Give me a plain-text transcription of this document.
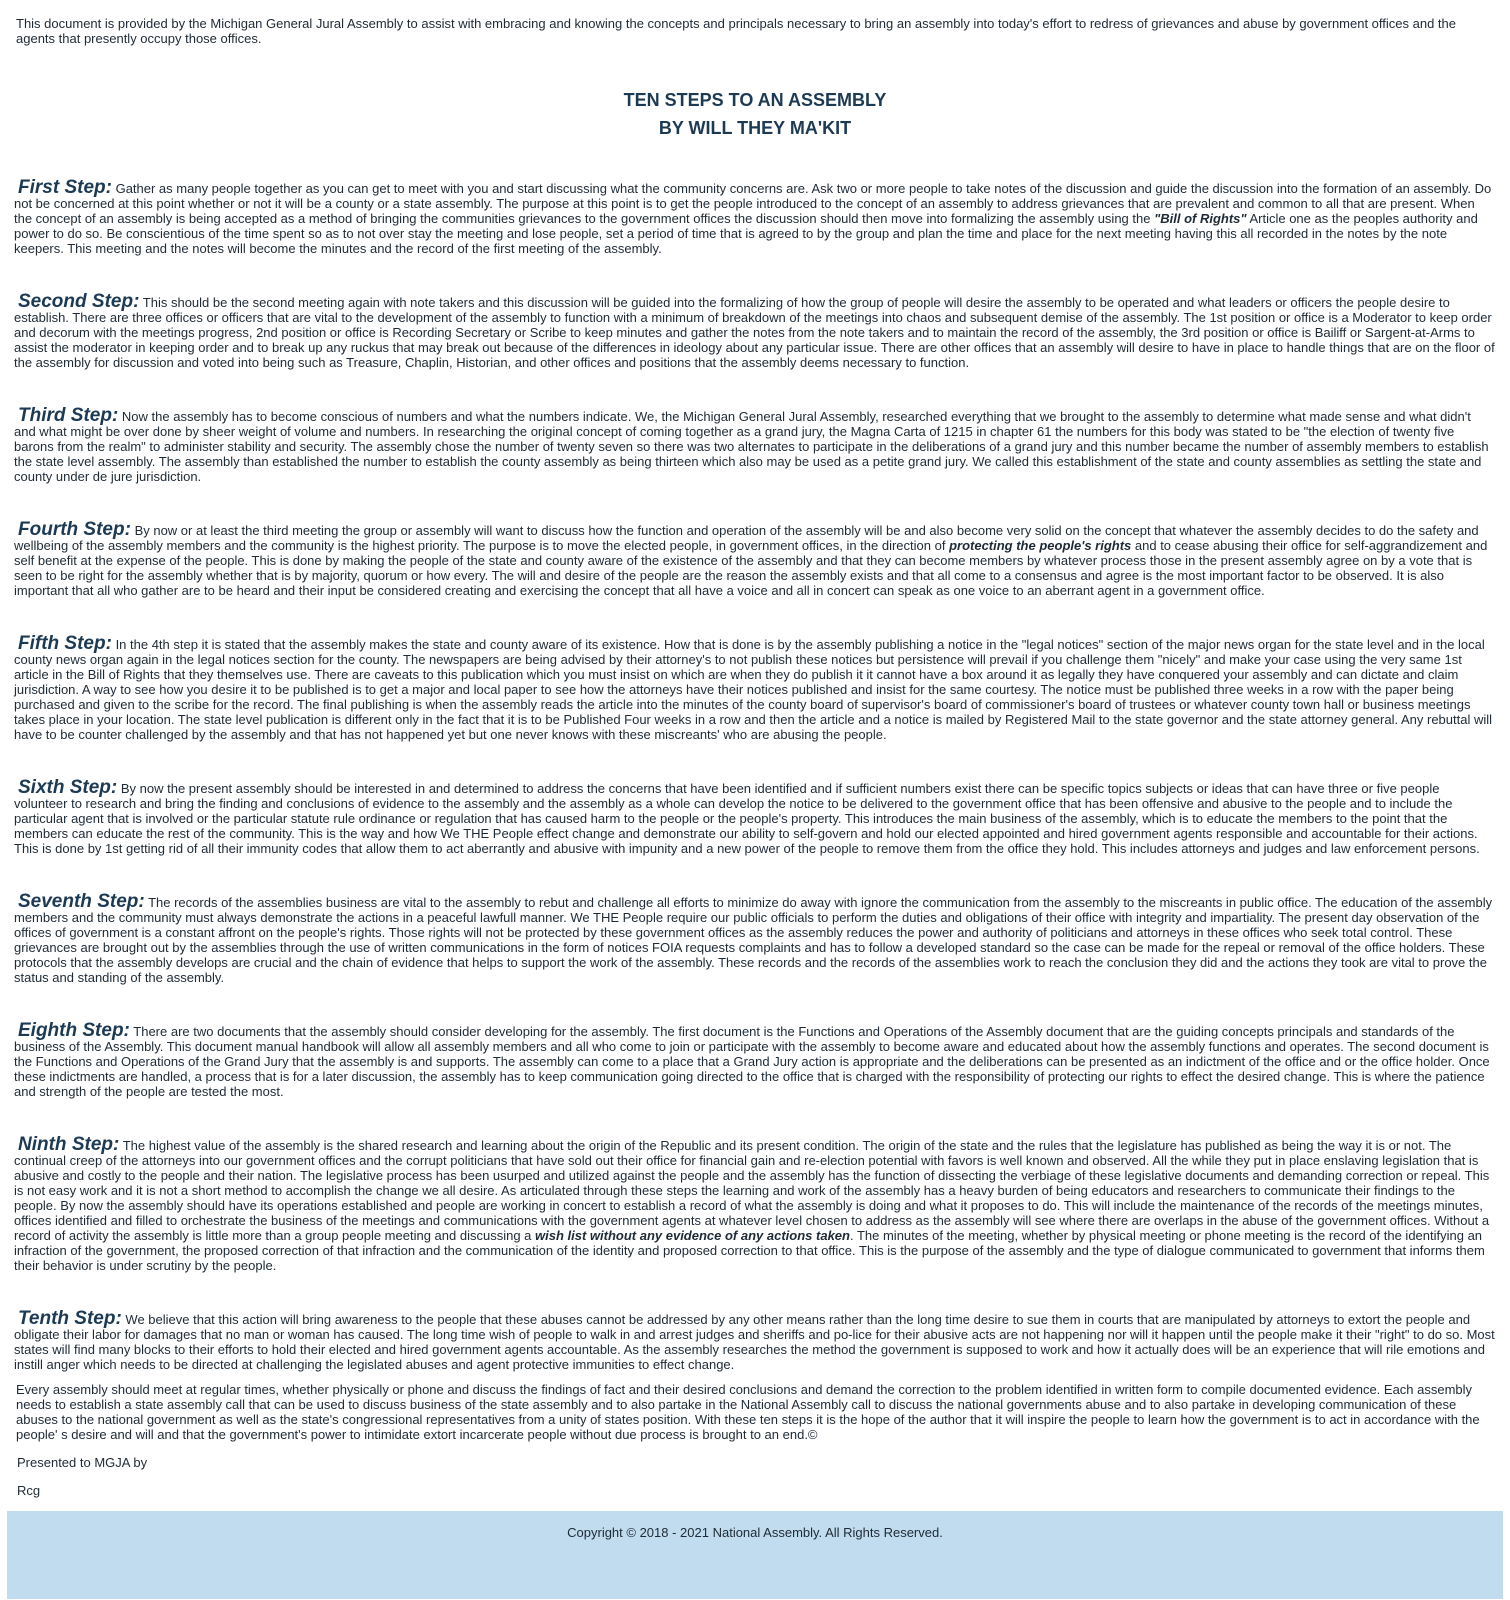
This document is provided by the Michigan General Jural Assembly to assist with embracing and knowing the concepts and principals necessary to bring an assembly into today's effort to redress of grievances and abuse by government offices and the agents that presently occupy those offices.

TEN STEPS TO AN ASSEMBLY
BY WILL THEY MA'KIT
First Step: Gather as many people together as you can get to meet with you and start discussing what the community concerns are. Ask two or more people to take notes of the discussion and guide the discussion into the formation of an assembly. Do not be concerned at this point whether or not it will be a county or a state assembly. The purpose at this point is to get the people introduced to the concept of an assembly to address grievances that are prevalent and common to all that are present. When the concept of an assembly is being accepted as a method of bringing the communities grievances to the government offices the discussion should then move into formalizing the assembly using the "Bill of Rights" Article one as the peoples authority and power to do so. Be conscientious of the time spent so as to not over stay the meeting and lose people, set a period of time that is agreed to by the group and plan the time and place for the next meeting having this all recorded in the notes by the note keepers. This meeting and the notes will become the minutes and the record of the first meeting of the assembly.
Second Step: This should be the second meeting again with note takers and this discussion will be guided into the formalizing of how the group of people will desire the assembly to be operated and what leaders or officers the people desire to establish. There are three offices or officers that are vital to the development of the assembly to function with a minimum of breakdown of the meetings into chaos and subsequent demise of the assembly. The 1st position or office is a Moderator to keep order and decorum with the meetings progress, 2nd position or office is Recording Secretary or Scribe to keep minutes and gather the notes from the note takers and to maintain the record of the assembly, the 3rd position or office is Bailiff or Sargent-at-Arms to assist the moderator in keeping order and to break up any ruckus that may break out because of the differences in ideology about any particular issue. There are other offices that an assembly will desire to have in place to handle things that are on the floor of the assembly for discussion and voted into being such as Treasure, Chaplin, Historian, and other offices and positions that the assembly deems necessary to function.
Third Step: Now the assembly has to become conscious of numbers and what the numbers indicate. We, the Michigan General Jural Assembly, researched everything that we brought to the assembly to determine what made sense and what didn't and what might be over done by sheer weight of volume and numbers. In researching the original concept of coming together as a grand jury, the Magna Carta of 1215 in chapter 61 the numbers for this body was stated to be "the election of twenty five barons from the realm" to administer stability and security. The assembly chose the number of twenty seven so there was two alternates to participate in the deliberations of a grand jury and this number became the number of assembly members to establish the state level assembly. The assembly than established the number to establish the county assembly as being thirteen which also may be used as a petite grand jury. We called this establishment of the state and county assemblies as settling the state and county under de jure jurisdiction.
Fourth Step: By now or at least the third meeting the group or assembly will want to discuss how the function and operation of the assembly will be and also become very solid on the concept that whatever the assembly decides to do the safety and wellbeing of the assembly members and the community is the highest priority. The purpose is to move the elected people, in government offices, in the direction of protecting the people's rights and to cease abusing their office for self-aggrandizement and self benefit at the expense of the people. This is done by making the people of the state and county aware of the existence of the assembly and that they can become members by whatever process those in the present assembly agree on by a vote that is seen to be right for the assembly whether that is by majority, quorum or how every. The will and desire of the people are the reason the assembly exists and that all come to a consensus and agree is the most important factor to be observed. It is also important that all who gather are to be heard and their input be considered creating and exercising the concept that all have a voice and all in concert can speak as one voice to an aberrant agent in a government office.
Fifth Step: In the 4th step it is stated that the assembly makes the state and county aware of its existence. How that is done is by the assembly publishing a notice in the "legal notices" section of the major news organ for the state level and in the local county news organ again in the legal notices section for the county. The newspapers are being advised by their attorney's to not publish these notices but persistence will prevail if you challenge them "nicely" and make your case using the very same 1st article in the Bill of Rights that they themselves use. There are caveats to this publication which you must insist on which are when they do publish it it cannot have a box around it as legally they have conquered your assembly and can dictate and claim jurisdiction. A way to see how you desire it to be published is to get a major and local paper to see how the attorneys have their notices published and insist for the same courtesy. The notice must be published three weeks in a row with the paper being purchased and given to the scribe for the record. The final publishing is when the assembly reads the article into the minutes of the county board of supervisor's board of commissioner's board of trustees or whatever county town hall or business meetings takes place in your location. The state level publication is different only in the fact that it is to be Published Four weeks in a row and then the article and a notice is mailed by Registered Mail to the state governor and the state attorney general. Any rebuttal will have to be counter challenged by the assembly and that has not happened yet but one never knows with these miscreants' who are abusing the people.
Sixth Step: By now the present assembly should be interested in and determined to address the concerns that have been identified and if sufficient numbers exist there can be specific topics subjects or ideas that can have three or five people volunteer to research and bring the finding and conclusions of evidence to the assembly and the assembly as a whole can develop the notice to be delivered to the government office that has been offensive and abusive to the people and to include the particular agent that is involved or the particular statute rule ordinance or regulation that has caused harm to the people or the people's property. This introduces the main business of the assembly, which is to educate the members to the point that the members can educate the rest of the community. This is the way and how We THE People effect change and demonstrate our ability to self-govern and hold our elected appointed and hired government agents responsible and accountable for their actions. This is done by 1st getting rid of all their immunity codes that allow them to act aberrantly and abusive with impunity and a new power of the people to remove them from the office they hold. This includes attorneys and judges and law enforcement persons.
Seventh Step: The records of the assemblies business are vital to the assembly to rebut and challenge all efforts to minimize do away with ignore the communication from the assembly to the miscreants in public office. The education of the assembly members and the community must always demonstrate the actions in a peaceful lawfull manner. We THE People require our public officials to perform the duties and obligations of their office with integrity and impartiality. The present day observation of the offices of government is a constant affront on the people's rights. Those rights will not be protected by these government offices as the assembly reduces the power and authority of politicians and attorneys in these offices who seek total control. These grievances are brought out by the assemblies through the use of written communications in the form of notices FOIA requests complaints and has to follow a developed standard so the case can be made for the repeal or removal of the office holders. These protocols that the assembly develops are crucial and the chain of evidence that helps to support the work of the assembly. These records and the records of the assemblies work to reach the conclusion they did and the actions they took are vital to prove the status and standing of the assembly.
Eighth Step: There are two documents that the assembly should consider developing for the assembly. The first document is the Functions and Operations of the Assembly document that are the guiding concepts principals and standards of the business of the Assembly. This document manual handbook will allow all assembly members and all who come to join or participate with the assembly to become aware and educated about how the assembly functions and operates. The second document is the Functions and Operations of the Grand Jury that the assembly is and supports. The assembly can come to a place that a Grand Jury action is appropriate and the deliberations can be presented as an indictment of the office and or the office holder. Once these indictments are handled, a process that is for a later discussion, the assembly has to keep communication going directed to the office that is charged with the responsibility of protecting our rights to effect the desired change. This is where the patience and strength of the people are tested the most.
Ninth Step: The highest value of the assembly is the shared research and learning about the origin of the Republic and its present condition. The origin of the state and the rules that the legislature has published as being the way it is or not. The continual creep of the attorneys into our government offices and the corrupt politicians that have sold out their office for financial gain and re-election potential with favors is well known and observed. All the while they put in place enslaving legislation that is abusive and costly to the people and their nation. The legislative process has been usurped and utilized against the people and the assembly has the function of dissecting the verbiage of these legislative documents and demanding correction or repeal. This is not easy work and it is not a short method to accomplish the change we all desire. As articulated through these steps the learning and work of the assembly has a heavy burden of being educators and researchers to communicate their findings to the people. By now the assembly should have its operations established and people are working in concert to establish a record of what the assembly is doing and what it proposes to do. This will include the maintenance of the records of the meetings minutes, offices identified and filled to orchestrate the business of the meetings and communications with the government agents at whatever level chosen to address as the assembly will see where there are overlaps in the abuse of the government offices. Without a record of activity the assembly is little more than a group people meeting and discussing a wish list without any evidence of any actions taken. The minutes of the meeting, whether by physical meeting or phone meeting is the record of the identifying an infraction of the government, the proposed correction of that infraction and the communication of the identity and proposed correction to that office. This is the purpose of the assembly and the type of dialogue communicated to government that informs them their behavior is under scrutiny by the people.
Tenth Step: We believe that this action will bring awareness to the people that these abuses cannot be addressed by any other means rather than the long time desire to sue them in courts that are manipulated by attorneys to extort the people and obligate their labor for damages that no man or woman has caused. The long time wish of people to walk in and arrest judges and sheriffs and po-lice for their abusive acts are not happening nor will it happen until the people make it their "right" to do so. Most states will find many blocks to their efforts to hold their elected and hired government agents accountable. As the assembly researches the method the government is supposed to work and how it actually does will be an experience that will rile emotions and instill anger which needs to be directed at challenging the legislated abuses and agent protective immunities to effect change.

Every assembly should meet at regular times, whether physically or phone and discuss the findings of fact and their desired conclusions and demand the correction to the problem identified in written form to compile documented evidence. Each assembly needs to establish a state assembly call that can be used to discuss business of the state assembly and to also partake in the National Assembly call to discuss the national governments abuse and to also partake in developing communication of these abuses to the national government as well as the state's congressional representatives from a unity of states position. With these ten steps it is the hope of the author that it will inspire the people to learn how the government is to act in accordance with the people' s desire and will and that the government's power to intimidate extort incarcerate people without due process is brought to an end.©

Presented to MGJA by

Rcg

Copyright © 2018 - 2021 National Assembly. All Rights Reserved.
